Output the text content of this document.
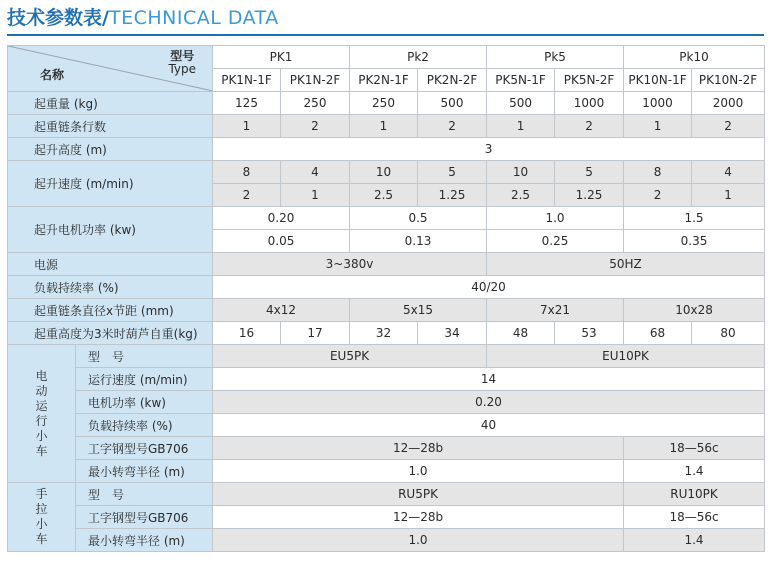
技术参数表/TECHNICAL DATA
型号
Type
名称		PK1		Pk2		Pk5		Pk10	
		PK1N-1F	PK1N-2F	PK2N-1F	PK2N-2F	PK5N-1F	PK5N-2F	PK10N-1F	PK10N-2F
起重量 (kg)		125	250	250	500	500	1000	1000	2000
起重链条行数		1	2	1	2	1	2	1	2
起升高度 (m)		3							
起升速度 (m/min)		8	4	10	5	10	5	8	4
		2	1	2.5	1.25	2.5	1.25	2	1
起升电机功率 (kw)		0.20		0.5		1.0		1.5	
		0.05		0.13		0.25		0.35	
电源		3~380v				50HZ			
负载持续率 (%)		40/20							
起重链条直径x节距 (mm)		4x12		5x15		7x21		10x28	
起重高度为3米时葫芦自重(kg)		16	17	32	34	48	53	68	80
电动运行小车	型　号	EU5PK				EU10PK			
	运行速度 (m/min)	14							
	电机功率 (kw)	0.20							
	负载持续率 (%)	40							
	工字钢型号GB706	12—28b						18—56c	
	最小转弯半径 (m)	1.0						1.4	
手拉小车	型　号	RU5PK						RU10PK	
	工字钢型号GB706	12—28b						18—56c	
	最小转弯半径 (m)	1.0						1.4	
